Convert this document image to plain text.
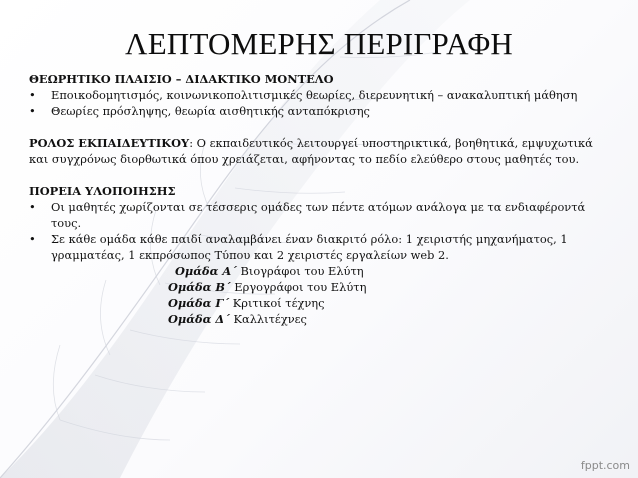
ΛΕΠΤΟΜΕΡΗΣ ΠΕΡΙΓΡΑΦΗ

ΘΕΩΡΗΤΙΚΟ ΠΛΑΙΣΙΟ – ΔΙΔΑΚΤΙΚΟ ΜΟΝΤΕΛΟ

• Εποικοδομητισμός, κοινωνικοπολιτισμικές θεωρίες, διερευνητική – ανακαλυπτική μάθηση

• Θεωρίες πρόσληψης, θεωρία αισθητικής ανταπόκρισης

ΡΟΛΟΣ ΕΚΠΑΙΔΕΥΤΙΚΟΥ: Ο εκπαιδευτικός λειτουργεί υποστηρικτικά, βοηθητικά, εμψυχωτικά και συγχρόνως διορθωτικά όπου χρειάζεται, αφήνοντας το πεδίο ελεύθερο στους μαθητές του.

ΠΟΡΕΙΑ ΥΛΟΠΟΙΗΣΗΣ

• Οι μαθητές χωρίζονται σε τέσσερις ομάδες των πέντε ατόμων ανάλογα με τα ενδιαφέροντά τους.

• Σε κάθε ομάδα κάθε παιδί αναλαμβάνει έναν διακριτό ρόλο: 1 χειριστής μηχανήματος, 1 γραμματέας, 1 εκπρόσωπος Τύπου και 2 χειριστές εργαλείων web 2.

Ομάδα Α΄ Βιογράφοι του Ελύτη

Ομάδα Β΄ Εργογράφοι του Ελύτη

Ομάδα Γ΄ Κριτικοί τέχνης

Ομάδα Δ΄ Καλλιτέχνες

fppt.com
